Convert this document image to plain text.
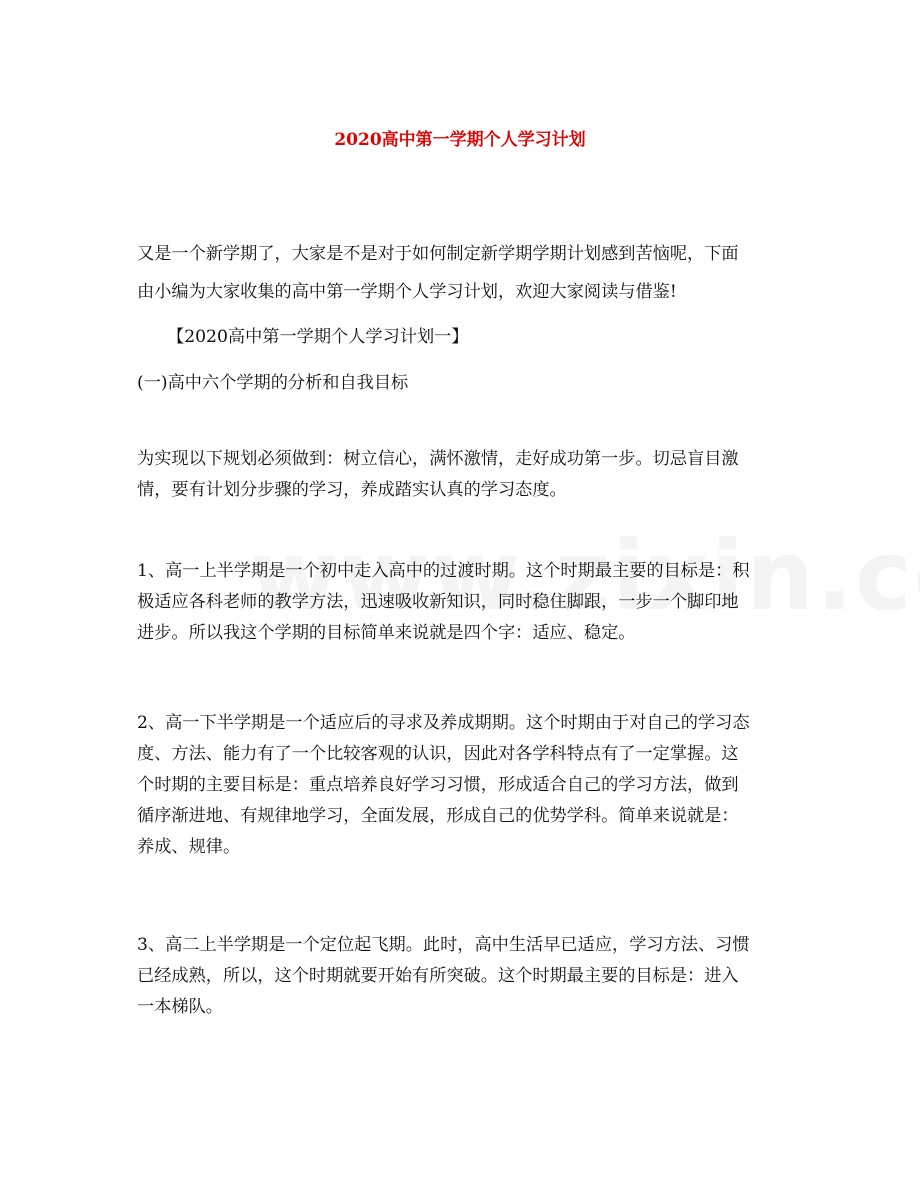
2020高中第一学期个人学习计划

又是一个新学期了，大家是不是对于如何制定新学期学期计划感到苦恼呢，下面
由小编为大家收集的高中第一学期个人学习计划，欢迎大家阅读与借鉴!

【2020高中第一学期个人学习计划一】

(一)高中六个学期的分析和自我目标

为实现以下规划必须做到：树立信心，满怀激情，走好成功第一步。切忌盲目激
情，要有计划分步骤的学习，养成踏实认真的学习态度。

1、高一上半学期是一个初中走入高中的过渡时期。这个时期最主要的目标是：积
极适应各科老师的教学方法，迅速吸收新知识，同时稳住脚跟，一步一个脚印地
进步。所以我这个学期的目标简单来说就是四个字：适应、稳定。

2、高一下半学期是一个适应后的寻求及养成期期。这个时期由于对自己的学习态
度、方法、能力有了一个比较客观的认识，因此对各学科特点有了一定掌握。这
个时期的主要目标是：重点培养良好学习习惯，形成适合自己的学习方法，做到
循序渐进地、有规律地学习，全面发展，形成自己的优势学科。简单来说就是：
养成、规律。

3、高二上半学期是一个定位起飞期。此时，高中生活早已适应，学习方法、习惯
已经成熟，所以，这个时期就要开始有所突破。这个时期最主要的目标是：进入
一本梯队。
